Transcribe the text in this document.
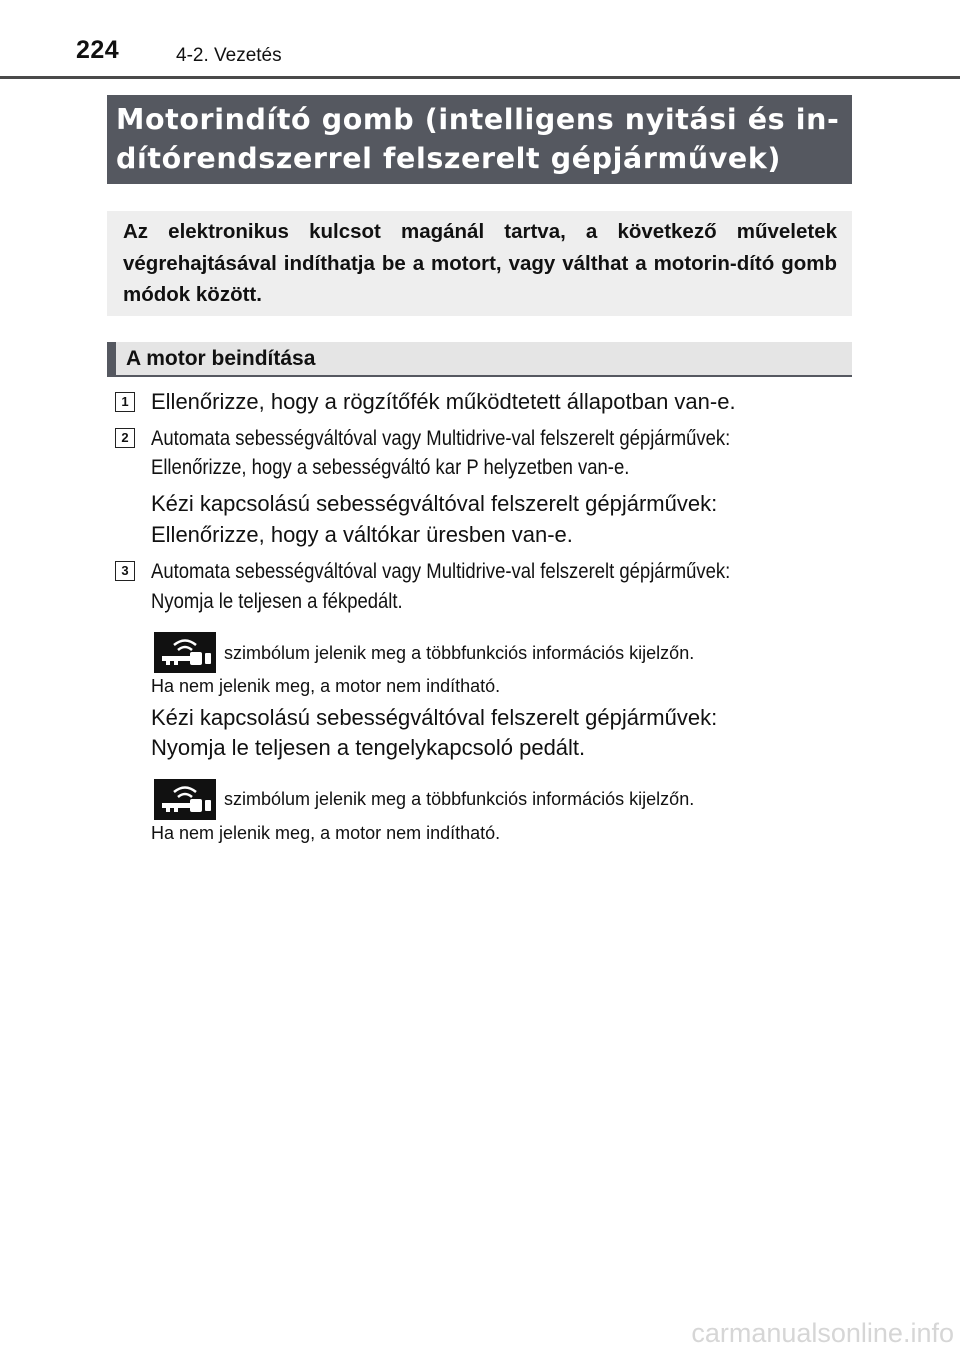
224	4-2. Vezetés
Motorindító gomb (intelligens nyitási és in-
dítórendszerrel felszerelt gépjárművek)
Az elektronikus kulcsot magánál tartva, a következő műveletek végrehajtásával indíthatja be a motort, vagy válthat a motorin-dító gomb módok között.
A motor beindítása
1 Ellenőrizze, hogy a rögzítőfék működtetett állapotban van-e.
2	Automata sebességváltóval vagy Multidrive-val felszerelt gépjárművek:
Ellenőrizze, hogy a sebességváltó kar P helyzetben van-e.
Kézi kapcsolású sebességváltóval felszerelt gépjárművek:
Ellenőrizze, hogy a váltókar üresben van-e.
3	Automata sebességváltóval vagy Multidrive-val felszerelt gépjárművek:
Nyomja le teljesen a fékpedált.
szimbólum jelenik meg a többfunkciós információs kijelzőn.
Ha nem jelenik meg, a motor nem indítható.
Kézi kapcsolású sebességváltóval felszerelt gépjárművek:
Nyomja le teljesen a tengelykapcsoló pedált.
szimbólum jelenik meg a többfunkciós információs kijelzőn.
Ha nem jelenik meg, a motor nem indítható.
carmanualsonline.info
